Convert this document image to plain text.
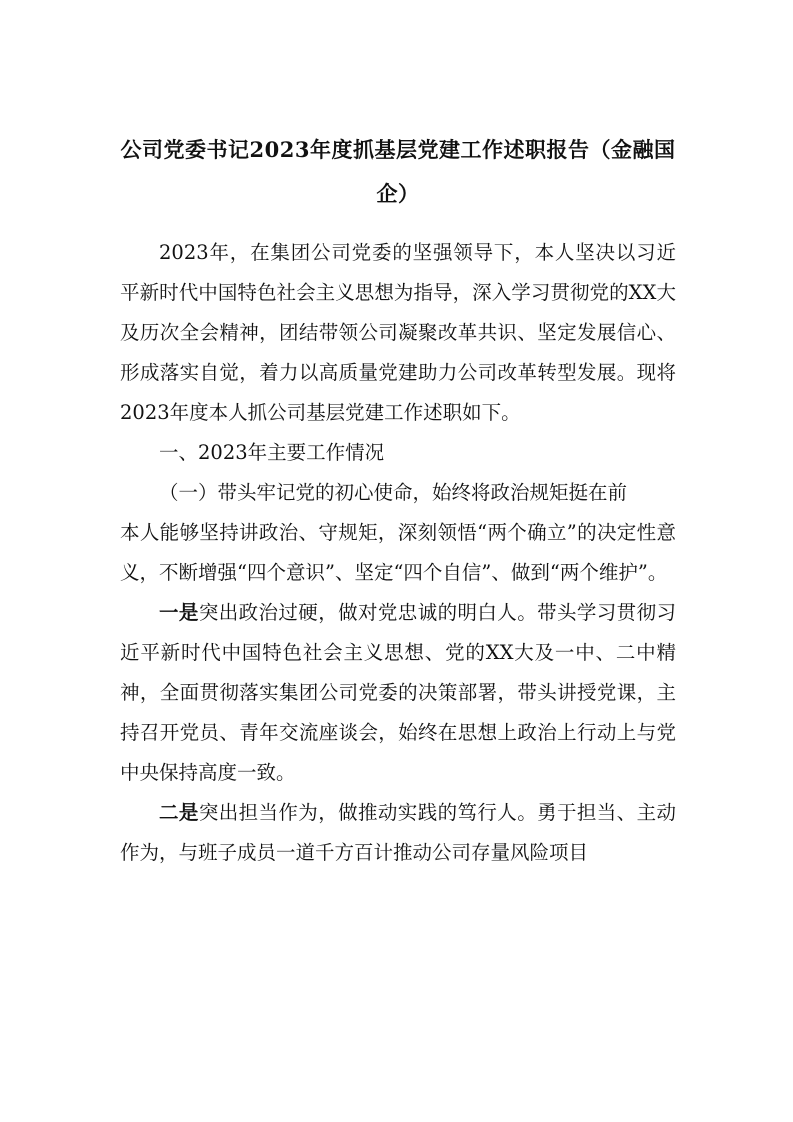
公司党委书记2023年度抓基层党建工作述职报告（金融国企）

2023年，在集团公司党委的坚强领导下，本人坚决以习近平新时代中国特色社会主义思想为指导，深入学习贯彻党的XX大及历次全会精神，团结带领公司凝聚改革共识、坚定发展信心、形成落实自觉，着力以高质量党建助力公司改革转型发展。现将2023年度本人抓公司基层党建工作述职如下。

一、2023年主要工作情况

（一）带头牢记党的初心使命，始终将政治规矩挺在前

本人能够坚持讲政治、守规矩，深刻领悟“两个确立”的决定性意义，不断增强“四个意识”、坚定“四个自信”、做到“两个维护”。

一是突出政治过硬，做对党忠诚的明白人。带头学习贯彻习近平新时代中国特色社会主义思想、党的XX大及一中、二中精神，全面贯彻落实集团公司党委的决策部署，带头讲授党课，主持召开党员、青年交流座谈会，始终在思想上政治上行动上与党中央保持高度一致。

二是突出担当作为，做推动实践的笃行人。勇于担当、主动作为，与班子成员一道千方百计推动公司存量风险项目
